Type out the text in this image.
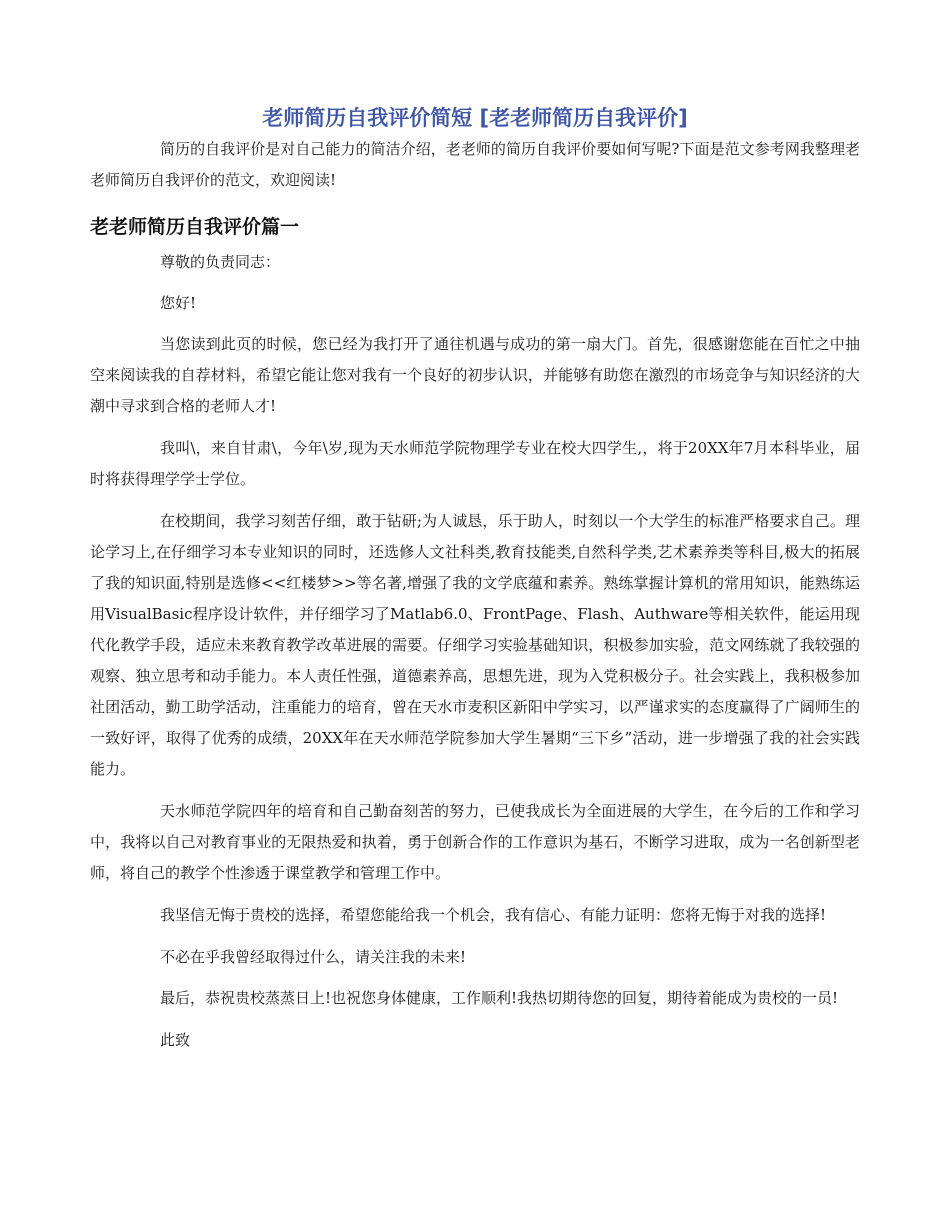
老师简历自我评价简短 [老老师简历自我评价]

简历的自我评价是对自己能力的简洁介绍，老老师的简历自我评价要如何写呢?下面是范文参考网我整理老老师简历自我评价的范文，欢迎阅读!

老老师简历自我评价篇一

尊敬的负责同志：

您好!

当您读到此页的时候，您已经为我打开了通往机遇与成功的第一扇大门。首先，很感谢您能在百忙之中抽空来阅读我的自荐材料，希望它能让您对我有一个良好的初步认识，并能够有助您在激烈的市场竞争与知识经济的大潮中寻求到合格的老师人才!

我叫\，来自甘肃\，今年\岁,现为天水师范学院物理学专业在校大四学生,，将于20XX年7月本科毕业，届时将获得理学学士学位。

在校期间，我学习刻苦仔细，敢于钻研;为人诚恳，乐于助人，时刻以一个大学生的标准严格要求自己。理论学习上,在仔细学习本专业知识的同时，还选修人文社科类,教育技能类,自然科学类,艺术素养类等科目,极大的拓展了我的知识面,特别是选修<<红楼梦>>等名著,增强了我的文学底蕴和素养。熟练掌握计算机的常用知识，能熟练运用VisualBasic程序设计软件，并仔细学习了Matlab6.0、FrontPage、Flash、Authware等相关软件，能运用现代化教学手段，适应未来教育教学改革进展的需要。仔细学习实验基础知识，积极参加实验，范文网练就了我较强的观察、独立思考和动手能力。本人责任性强，道德素养高，思想先进，现为入党积极分子。社会实践上，我积极参加社团活动，勤工助学活动，注重能力的培育，曾在天水市麦积区新阳中学实习，以严谨求实的态度赢得了广阔师生的一致好评，取得了优秀的成绩，20XX年在天水师范学院参加大学生暑期“三下乡”活动，进一步增强了我的社会实践能力。

天水师范学院四年的培育和自己勤奋刻苦的努力，已使我成长为全面进展的大学生，在今后的工作和学习中，我将以自己对教育事业的无限热爱和执着，勇于创新合作的工作意识为基石，不断学习进取，成为一名创新型老师，将自己的教学个性渗透于课堂教学和管理工作中。

我坚信无悔于贵校的选择，希望您能给我一个机会，我有信心、有能力证明：您将无悔于对我的选择!

不必在乎我曾经取得过什么，请关注我的未来!

最后，恭祝贵校蒸蒸日上!也祝您身体健康，工作顺利!我热切期待您的回复，期待着能成为贵校的一员!

此致
